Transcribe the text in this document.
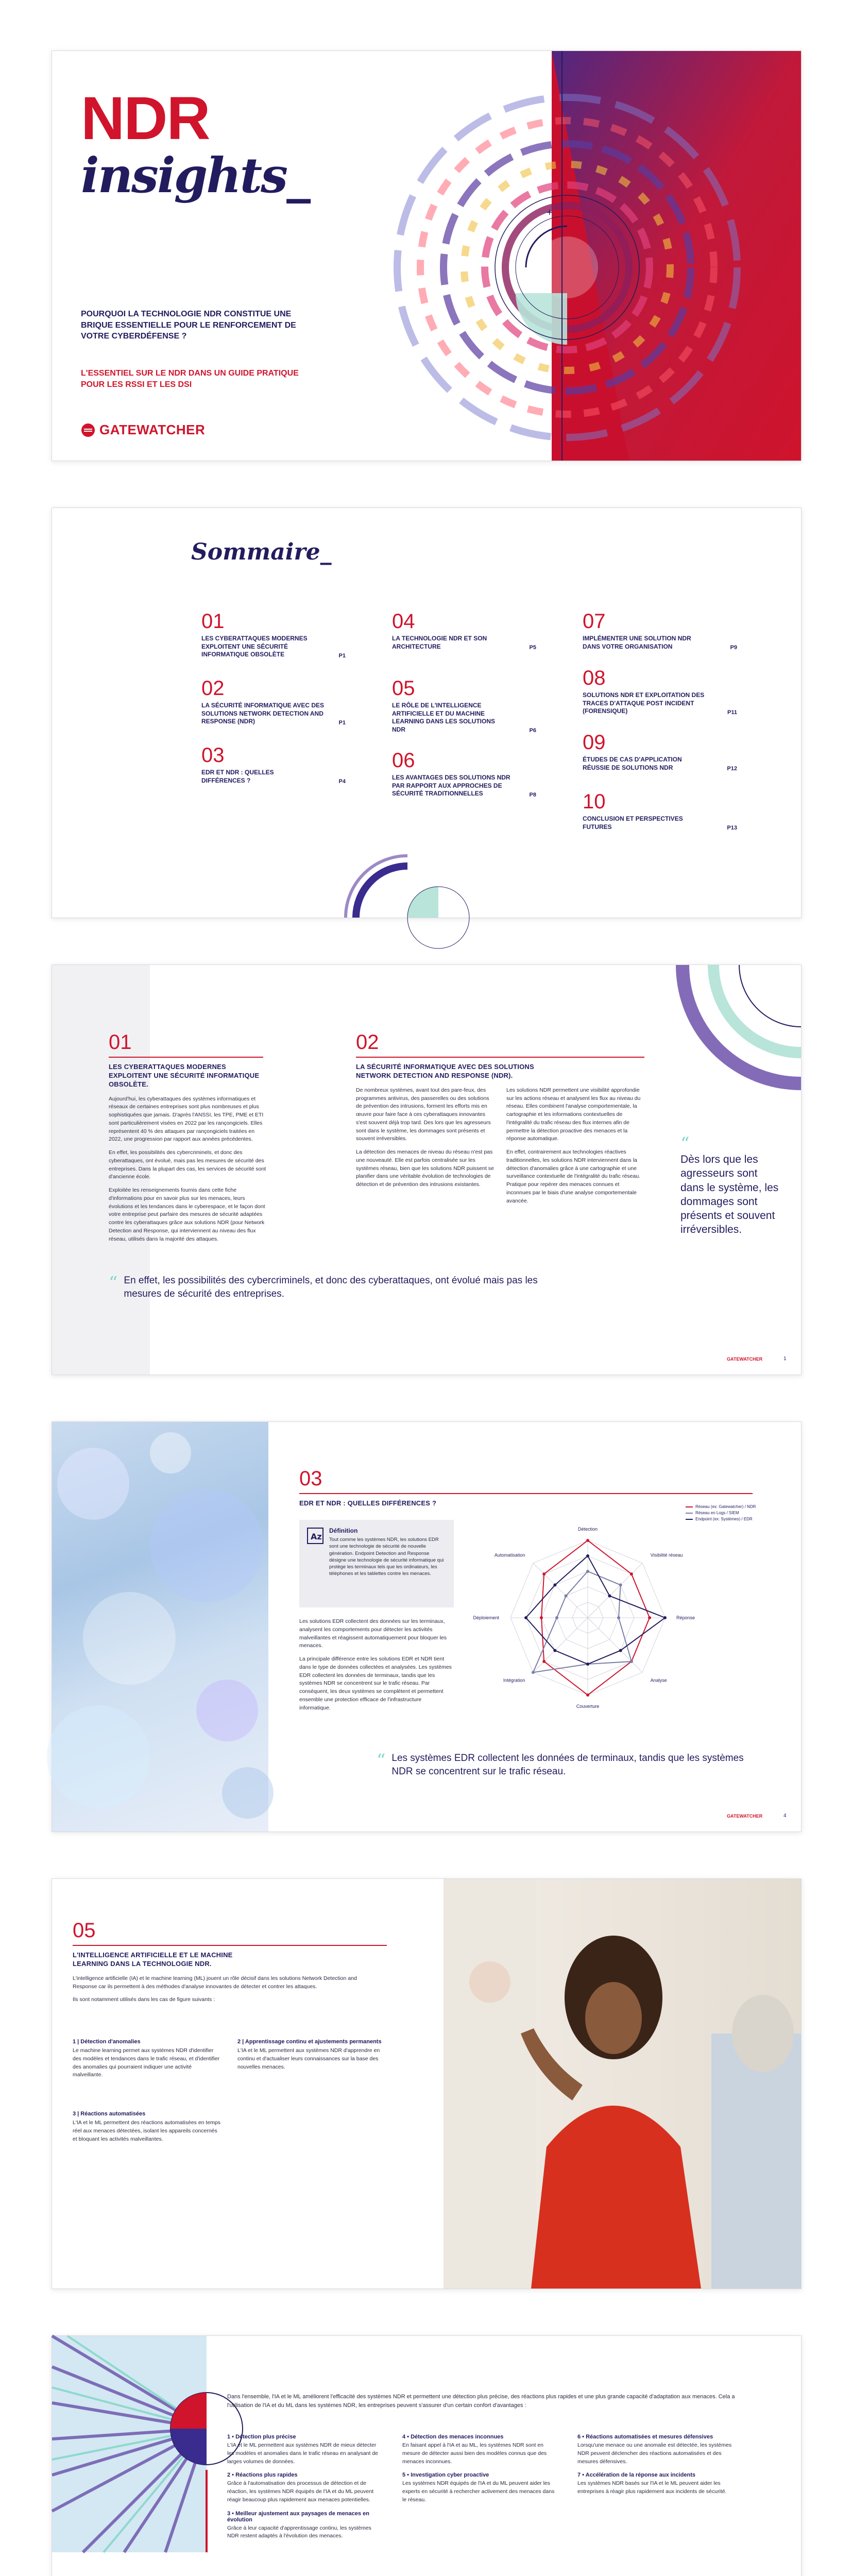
NDR
insights_
POURQUOI LA TECHNOLOGIE NDR CONSTITUE UNE BRIQUE ESSENTIELLE POUR LE RENFORCEMENT DE VOTRE CYBERDÉFENSE ?
L'ESSENTIEL SUR LE NDR DANS UN GUIDE PRATIQUE POUR LES RSSI ET LES DSI
GATEWATCHER
+
Sommaire_
01
LES CYBERATTAQUES MODERNES EXPLOITENT UNE SÉCURITÉ INFORMATIQUE OBSOLÈTE	P1
02
LA SÉCURITÉ INFORMATIQUE AVEC DES SOLUTIONS NETWORK DETECTION AND RESPONSE (NDR)	P1
03
EDR ET NDR : QUELLES DIFFÉRENCES ?	P4
04
LA TECHNOLOGIE NDR ET SON ARCHITECTURE	P5
05
LE RÔLE DE L'INTELLIGENCE ARTIFICIELLE ET DU MACHINE LEARNING DANS LES SOLUTIONS NDR	P6
06
LES AVANTAGES DES SOLUTIONS NDR PAR RAPPORT AUX APPROCHES DE SÉCURITÉ TRADITIONNELLES	P8
07
IMPLÉMENTER UNE SOLUTION NDR DANS VOTRE ORGANISATION	P9
08
SOLUTIONS NDR ET EXPLOITATION DES TRACES D'ATTAQUE POST INCIDENT (FORENSIQUE)	P11
09
ÉTUDES DE CAS D'APPLICATION RÉUSSIE DE SOLUTIONS NDR	P12
10
CONCLUSION ET PERSPECTIVES FUTURES	P13
01
LES CYBERATTAQUES MODERNES EXPLOITENT UNE SÉCURITÉ INFORMATIQUE OBSOLÈTE.

Aujourd'hui, les cyberattaques des systèmes informatiques et réseaux de certaines entreprises sont plus nombreuses et plus sophistiquées que jamais. D'après l'ANSSI, les TPE, PME et ETI sont particulièrement visées en 2022 par les rançongiciels. Elles représentent 40 % des attaques par rançongiciels traitées en 2022, une progression par rapport aux années précédentes.

En effet, les possibilités des cybercriminels, et donc des cyberattaques, ont évolué, mais pas les mesures de sécurité des entreprises. Dans la plupart des cas, les services de sécurité sont d'ancienne école.

Exploitée les renseignements fournis dans cette fiche d'informations pour en savoir plus sur les menaces, leurs évolutions et les tendances dans le cyberespace, et le façon dont votre entreprise peut parfaire des mesures de sécurité adaptées contre les cyberattaques grâce aux solutions NDR (pour Network Detection and Response, qui interviennent au niveau des flux réseau, utilisés dans la majorité des attaques.

02
LA SÉCURITÉ INFORMATIQUE AVEC DES SOLUTIONS NETWORK DETECTION AND RESPONSE (NDR).

De nombreux systèmes, avant tout des pare-feux, des programmes antivirus, des passerelles ou des solutions de prévention des intrusions, forment les efforts mis en œuvre pour faire face à ces cyberattaques innovantes s'est souvent déjà trop tard. Des lors que les agresseurs sont dans le système, les dommages sont présents et souvent irréversibles.

La détection des menaces de niveau du réseau n'est pas une nouveauté. Elle est parfois centralisée sur les systèmes réseau, bien que les solutions NDR puissent se planifier dans une véritable évolution de technologies de détection et de prévention des intrusions existantes.

Les solutions NDR permettent une visibilité approfondie sur les actions réseau et analysent les flux au niveau du réseau. Elles combinent l'analyse comportementale, la cartographie et les informations contextuelles de l'intégralité du trafic réseau des flux internes afin de permettre la détection proactive des menaces et la réponse automatique.

En effet, contrairement aux technologies réactives traditionnelles, les solutions NDR interviennent dans la détection d'anomalies grâce à une cartographie et une surveillance contextuelle de l'intégralité du trafic réseau. Pratique pour repérer des menaces connues et inconnues par le biais d'une analyse comportementale avancée.

“
Dès lors que les agresseurs sont dans le système, les dommages sont présents et souvent irréversibles.
“ En effet, les possibilités des cybercriminels, et donc des cyberattaques, ont évolué mais pas les mesures de sécurité des entreprises.
GATEWATCHER	1
03
EDR ET NDR : QUELLES DIFFÉRENCES ?
Az
Définition
Tout comme les systèmes NDR, les solutions EDR sont une technologie de sécurité de nouvelle génération. Endpoint Detection and Response désigne une technologie de sécurité informatique qui protège les terminaux tels que les ordinateurs, les téléphones et les tablettes contre les menaces.

Les solutions EDR collectent des données sur les terminaux, analysent les comportements pour détecter les activités malveillantes et réagissent automatiquement pour bloquer les menaces.

La principale différence entre les solutions EDR et NDR tient dans le type de données collectées et analysées. Les systèmes EDR collectent les données de terminaux, tandis que les systèmes NDR se concentrent sur le trafic réseau. Par conséquent, les deux systèmes se complètent et permettent ensemble une protection efficace de l'infrastructure informatique.

Détection
Visibilité réseau
Réponse
Analyse
Couverture
Intégration
Déploiement
Automatisation
Réseau (ex: Gatewatcher) / NDR
Réseau en Logs / SIEM
Endpoint (ex: Systèmes) / EDR
“ Les systèmes EDR collectent les données de terminaux, tandis que les systèmes NDR se concentrent sur le trafic réseau.
GATEWATCHER	4
05
L'INTELLIGENCE ARTIFICIELLE ET LE MACHINE LEARNING DANS LA TECHNOLOGIE NDR.

L'intelligence artificielle (IA) et le machine learning (ML) jouent un rôle décisif dans les solutions Network Detection and Response car ils permettent à des méthodes d'analyse innovantes de détecter et contrer les attaques.

Ils sont notamment utilisés dans les cas de figure suivants :

1 | Détection d'anomalies

Le machine learning permet aux systèmes NDR d'identifier des modèles et tendances dans le trafic réseau, et d'identifier des anomalies qui pourraient indiquer une activité malveillante.

2 | Apprentissage continu et ajustements permanents

L'IA et le ML permettent aux systèmes NDR d'apprendre en continu et d'actualiser leurs connaissances sur la base des nouvelles menaces.

3 | Réactions automatisées

L'IA et le ML permettent des réactions automatisées en temps réel aux menaces détectées, isolant les appareils concernés et bloquant les activités malveillantes.

Dans l'ensemble, l'IA et le ML améliorent l'efficacité des systèmes NDR et permettent une détection plus précise, des réactions plus rapides et une plus grande capacité d'adaptation aux menaces. Cela a l'utilisation de l'IA et du ML dans les systèmes NDR, les entreprises peuvent s'assurer d'un certain confort d'avantages :
1 • Détection plus précise

L'IA et le ML permettent aux systèmes NDR de mieux détecter les modèles et anomalies dans le trafic réseau en analysant de larges volumes de données.

2 • Réactions plus rapides

Grâce à l'automatisation des processus de détection et de réaction, les systèmes NDR équipés de l'IA et du ML peuvent réagir beaucoup plus rapidement aux menaces potentielles.

3 • Meilleur ajustement aux paysages de menaces en évolution

Grâce à leur capacité d'apprentissage continu, les systèmes NDR restent adaptés à l'évolution des menaces.

4 • Détection des menaces inconnues

En faisant appel à l'IA et au ML, les systèmes NDR sont en mesure de détecter aussi bien des modèles connus que des menaces inconnues.

5 • Investigation cyber proactive

Les systèmes NDR équipés de l'IA et du ML peuvent aider les experts en sécurité à rechercher activement des menaces dans le réseau.

6 • Réactions automatisées et mesures défensives

Lorsqu'une menace ou une anomalie est détectée, les systèmes NDR peuvent déclencher des réactions automatisées et des mesures défensives.

7 • Accélération de la réponse aux incidents

Les systèmes NDR basés sur l'IA et le ML peuvent aider les entreprises à réagir plus rapidement aux incidents de sécurité.
